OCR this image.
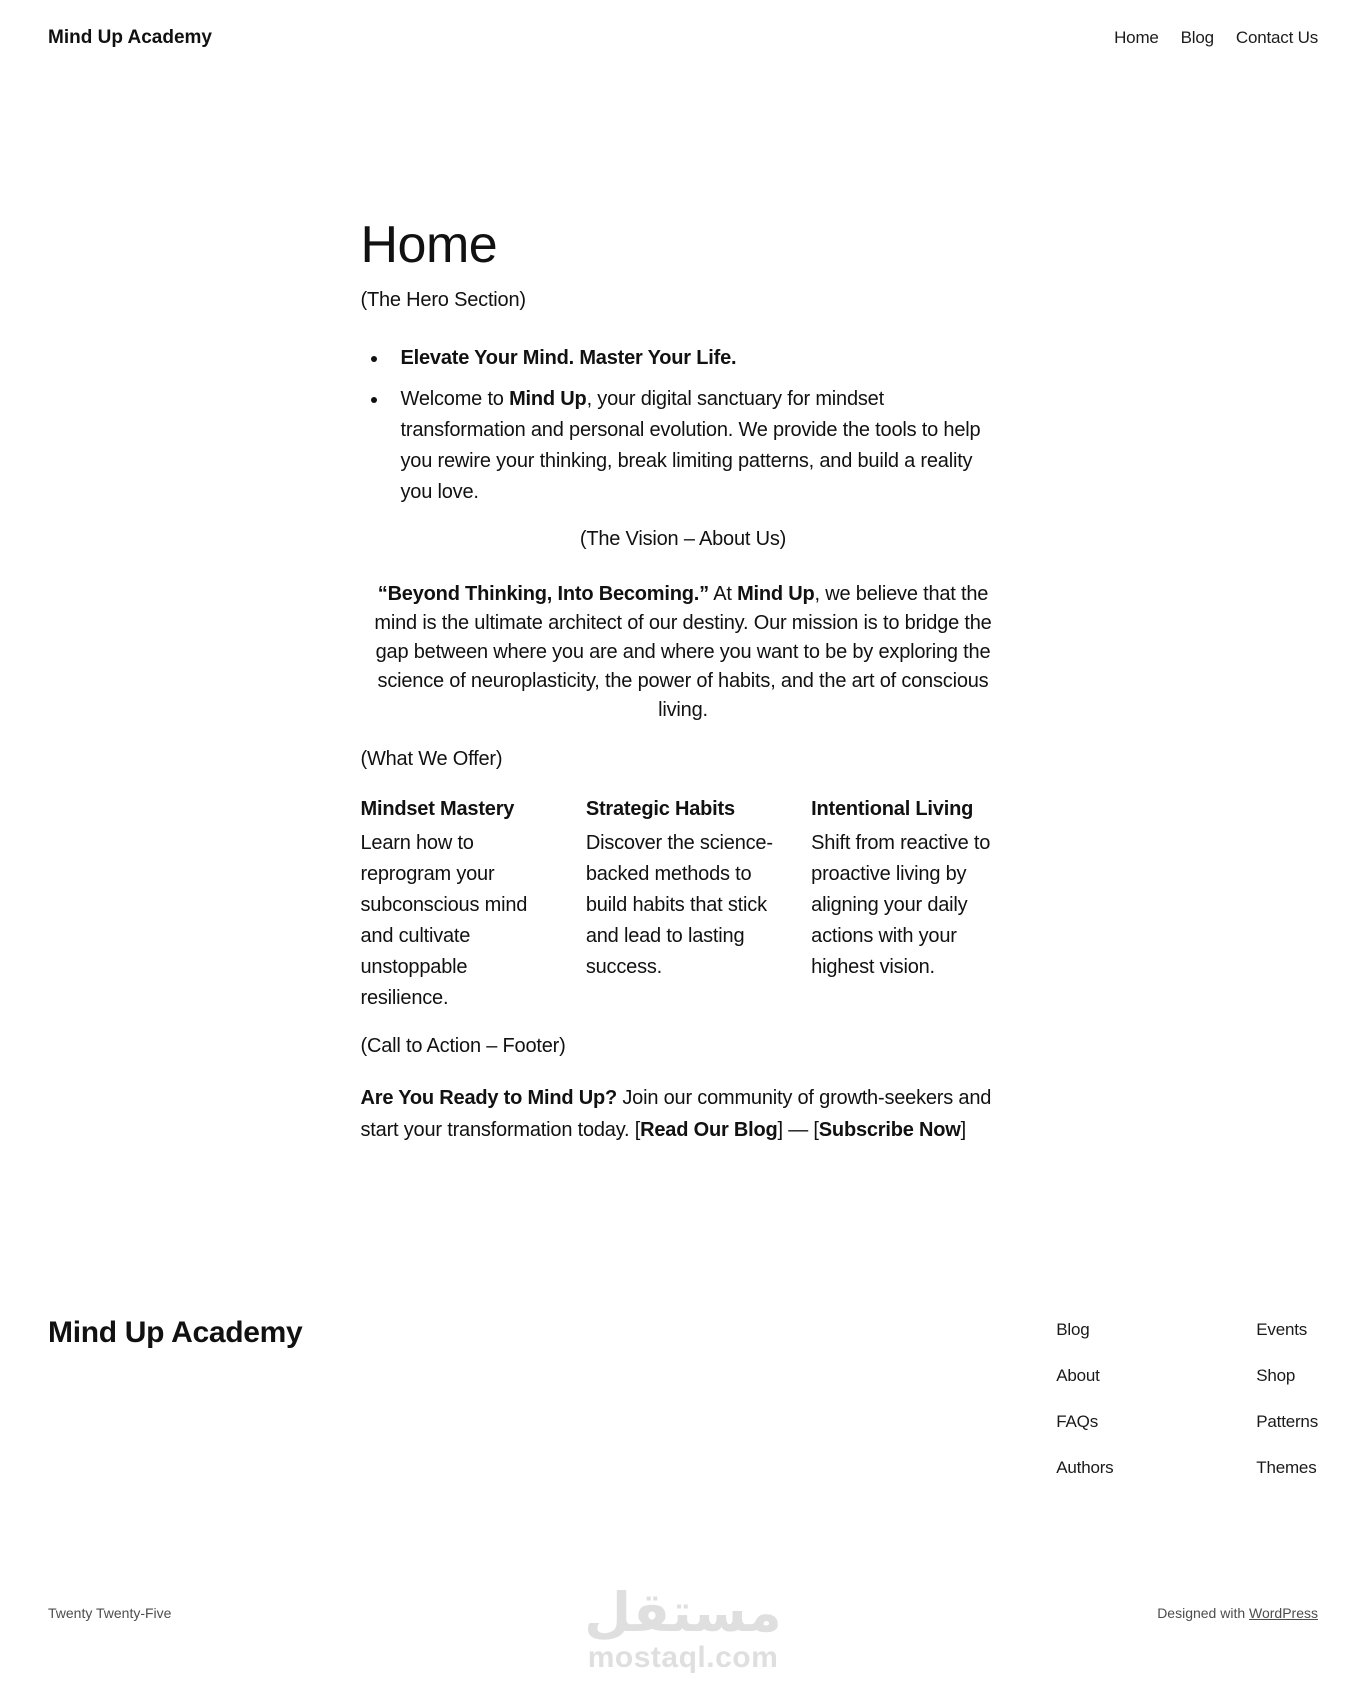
Mind Up Academy	Home Blog Contact Us
Home

(The Hero Section)

• Elevate Your Mind. Master Your Life.
• Welcome to Mind Up, your digital sanctuary for mindset transformation and personal evolution. We provide the tools to help you rewire your thinking, break limiting patterns, and build a reality you love.

(The Vision – About Us)

“Beyond Thinking, Into Becoming.” At Mind Up, we believe that the mind is the ultimate architect of our destiny. Our mission is to bridge the gap between where you are and where you want to be by exploring the science of neuroplasticity, the power of habits, and the art of conscious living.

(What We Offer)

Mindset Mastery

Learn how to reprogram your subconscious mind and cultivate unstoppable resilience.

Strategic Habits

Discover the science-backed methods to build habits that stick and lead to lasting success.

Intentional Living

Shift from reactive to proactive living by aligning your daily actions with your highest vision.

(Call to Action – Footer)

Are You Ready to Mind Up? Join our community of growth-seekers and start your transformation today. [Read Our Blog] — [Subscribe Now]

Mind Up Academy	Blog
About
FAQs
Authors
Events
Shop
Patterns
Themes
Twenty Twenty-Five	Designed with WordPress
مستقل
mostaql.com
